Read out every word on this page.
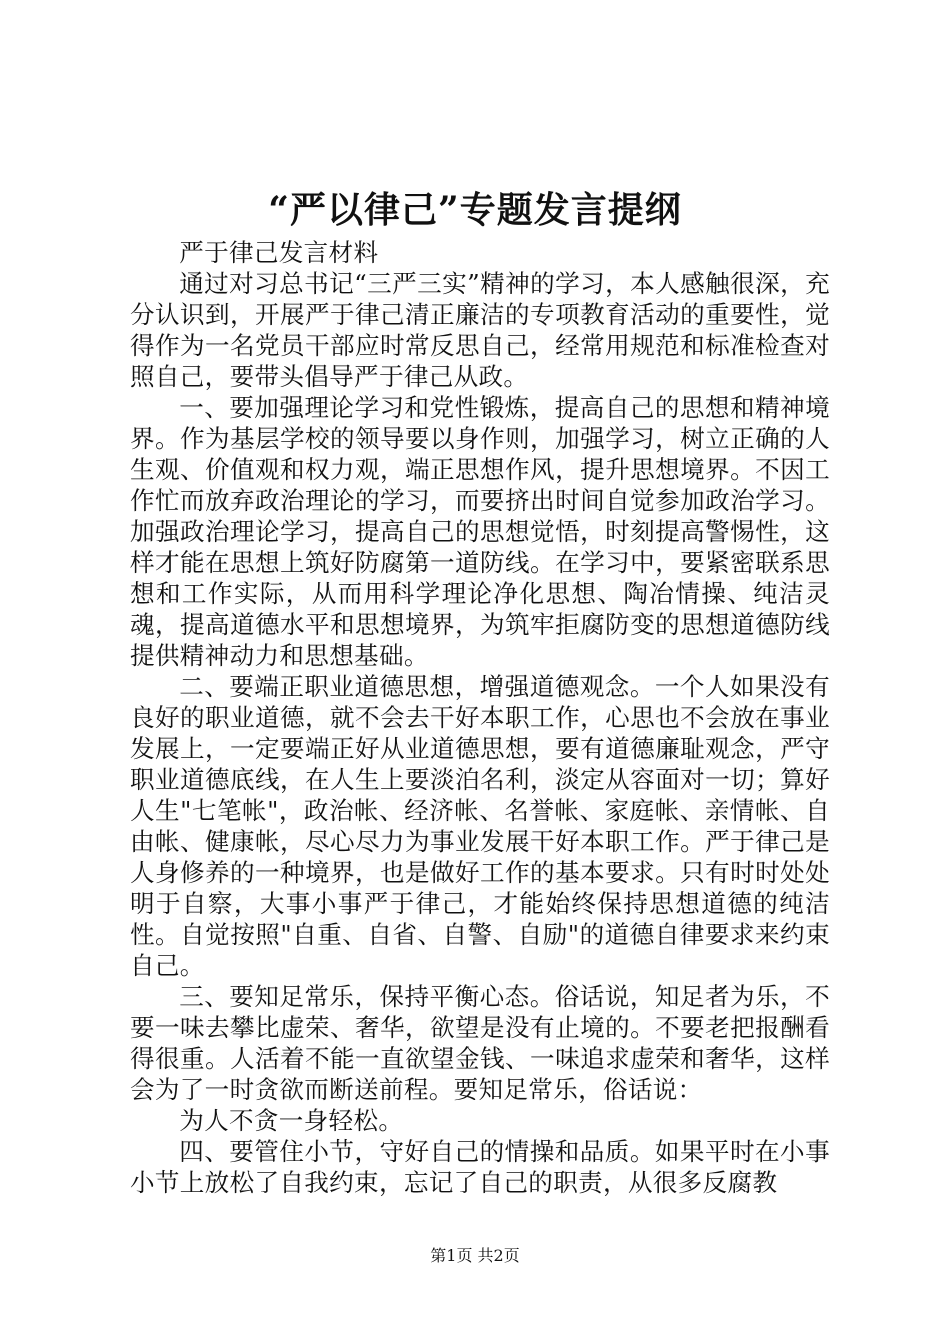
“严以律己”专题发言提纲

严于律己发言材料

通过对习总书记“三严三实”精神的学习，本人感触很深，充分认识到，开展严于律己清正廉洁的专项教育活动的重要性，觉得作为一名党员干部应时常反思自己，经常用规范和标准检查对照自己，要带头倡导严于律己从政。

一、要加强理论学习和党性锻炼，提高自己的思想和精神境界。作为基层学校的领导要以身作则，加强学习，树立正确的人生观、价值观和权力观，端正思想作风，提升思想境界。不因工作忙而放弃政治理论的学习，而要挤出时间自觉参加政治学习。加强政治理论学习，提高自己的思想觉悟，时刻提高警惕性，这样才能在思想上筑好防腐第一道防线。在学习中，要紧密联系思想和工作实际，从而用科学理论净化思想、陶冶情操、纯洁灵魂，提高道德水平和思想境界，为筑牢拒腐防变的思想道德防线提供精神动力和思想基础。

二、要端正职业道德思想，增强道德观念。一个人如果没有良好的职业道德，就不会去干好本职工作，心思也不会放在事业发展上，一定要端正好从业道德思想，要有道德廉耻观念，严守职业道德底线，在人生上要淡泊名利，淡定从容面对一切；算好人生"七笔帐"，政治帐、经济帐、名誉帐、家庭帐、亲情帐、自由帐、健康帐，尽心尽力为事业发展干好本职工作。严于律己是人身修养的一种境界，也是做好工作的基本要求。只有时时处处明于自察，大事小事严于律己，才能始终保持思想道德的纯洁性。自觉按照"自重、自省、自警、自励"的道德自律要求来约束自己。

三、要知足常乐，保持平衡心态。俗话说，知足者为乐，不要一味去攀比虚荣、奢华，欲望是没有止境的。不要老把报酬看得很重。人活着不能一直欲望金钱、一味追求虚荣和奢华，这样会为了一时贪欲而断送前程。要知足常乐，俗话说：

为人不贪一身轻松。

四、要管住小节，守好自己的情操和品质。如果平时在小事小节上放松了自我约束，忘记了自己的职责，从很多反腐教

第1页 共2页
